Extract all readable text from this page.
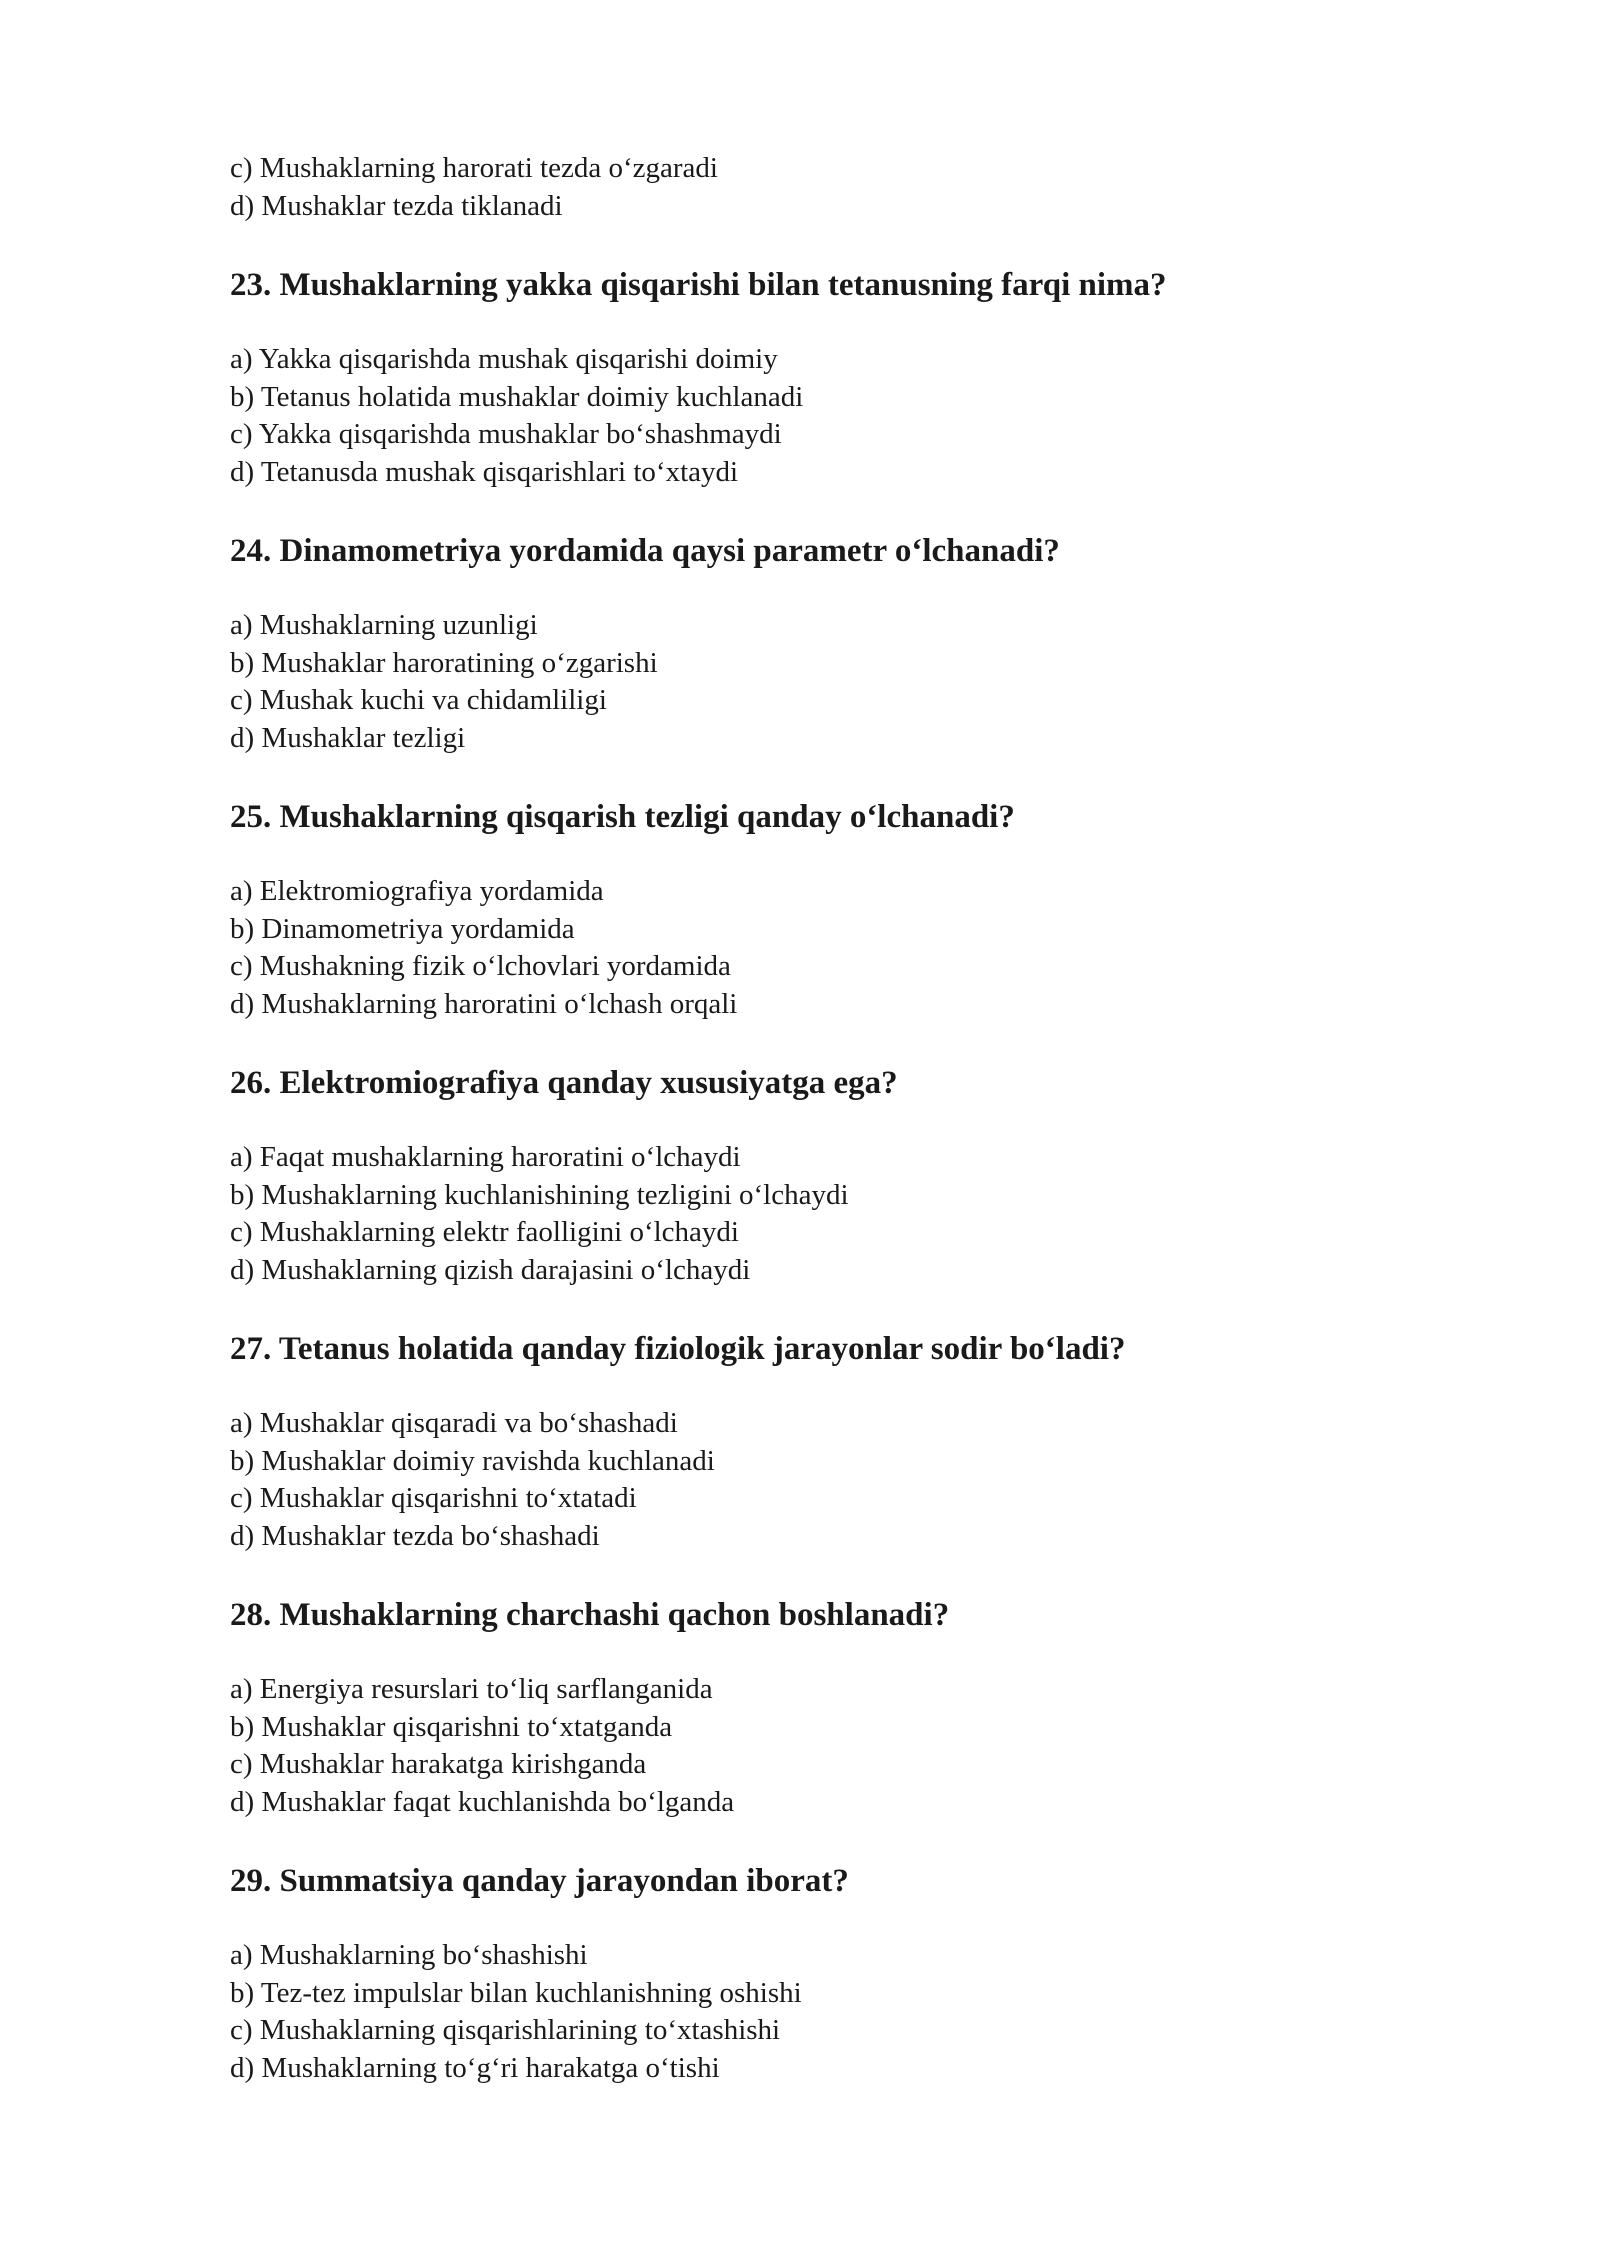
c) Mushaklarning harorati tezda o‘zgaradi
d) Mushaklar tezda tiklanadi
23. Mushaklarning yakka qisqarishi bilan tetanusning farqi nima?
a) Yakka qisqarishda mushak qisqarishi doimiy
b) Tetanus holatida mushaklar doimiy kuchlanadi
c) Yakka qisqarishda mushaklar bo‘shashmaydi
d) Tetanusda mushak qisqarishlari to‘xtaydi
24. Dinamometriya yordamida qaysi parametr o‘lchanadi?
a) Mushaklarning uzunligi
b) Mushaklar haroratining o‘zgarishi
c) Mushak kuchi va chidamliligi
d) Mushaklar tezligi
25. Mushaklarning qisqarish tezligi qanday o‘lchanadi?
a) Elektromiografiya yordamida
b) Dinamometriya yordamida
c) Mushakning fizik o‘lchovlari yordamida
d) Mushaklarning haroratini o‘lchash orqali
26. Elektromiografiya qanday xususiyatga ega?
a) Faqat mushaklarning haroratini o‘lchaydi
b) Mushaklarning kuchlanishining tezligini o‘lchaydi
c) Mushaklarning elektr faolligini o‘lchaydi
d) Mushaklarning qizish darajasini o‘lchaydi
27. Tetanus holatida qanday fiziologik jarayonlar sodir bo‘ladi?
a) Mushaklar qisqaradi va bo‘shashadi
b) Mushaklar doimiy ravishda kuchlanadi
c) Mushaklar qisqarishni to‘xtatadi
d) Mushaklar tezda bo‘shashadi
28. Mushaklarning charchashi qachon boshlanadi?
a) Energiya resurslari to‘liq sarflanganida
b) Mushaklar qisqarishni to‘xtatganda
c) Mushaklar harakatga kirishganda
d) Mushaklar faqat kuchlanishda bo‘lganda
29. Summatsiya qanday jarayondan iborat?
a) Mushaklarning bo‘shashishi
b) Tez-tez impulslar bilan kuchlanishning oshishi
c) Mushaklarning qisqarishlarining to‘xtashishi
d) Mushaklarning to‘g‘ri harakatga o‘tishi
